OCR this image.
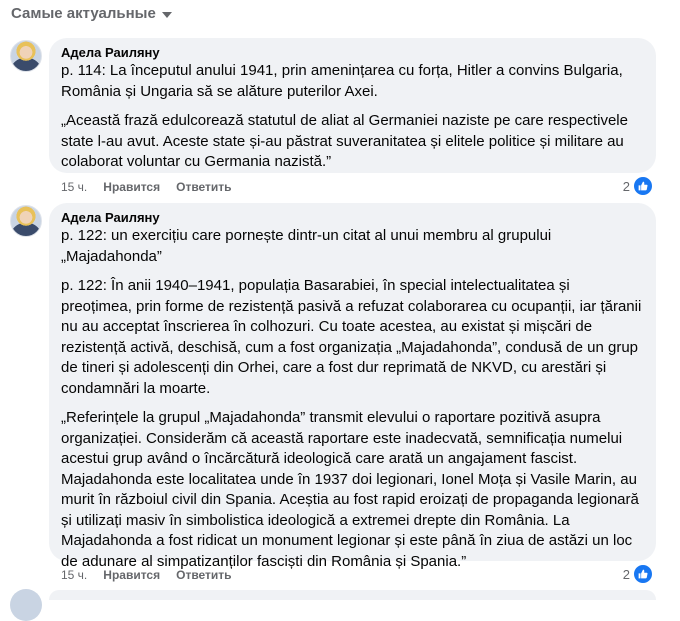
Самые актуальные
Адела Раиляну

p. 114: La începutul anului 1941, prin amenințarea cu forța, Hitler a convins Bulgaria, România și Ungaria să se alăture puterilor Axei.

„Această frază edulcorează statutul de aliat al Germaniei naziste pe care respectivele state l-au avut. Aceste state și-au păstrat suveranitatea și elitele politice și militare au colaborat voluntar cu Germania nazistă.”

15 ч. Нравится Ответить	2
Адела Раиляну

p. 122: un exercițiu care pornește dintr-un citat al unui membru al grupului „Majadahonda”

p. 122: În anii 1940–1941, populația Basarabiei, în special intelectualitatea și preoțimea, prin forme de rezistență pasivă a refuzat colaborarea cu ocupanții, iar țăranii nu au acceptat înscrierea în colhozuri. Cu toate acestea, au existat și mișcări de rezistență activă, deschisă, cum a fost organizația „Majadahonda”, condusă de un grup de tineri și adolescenți din Orhei, care a fost dur reprimată de NKVD, cu arestări și condamnări la moarte.

„Referințele la grupul „Majadahonda” transmit elevului o raportare pozitivă asupra organizației. Considerăm că această raportare este inadecvată, semnificația numelui acestui grup având o încărcătură ideologică care arată un angajament fascist. Majadahonda este localitatea unde în 1937 doi legionari, Ionel Moța și Vasile Marin, au murit în războiul civil din Spania. Aceștia au fost rapid eroizați de propaganda legionară și utilizați masiv în simbolistica ideologică a extremei drepte din România. La Majadahonda a fost ridicat un monument legionar și este până în ziua de astăzi un loc de adunare al simpatizanților fasciști din România și Spania.”

15 ч. Нравится Ответить	2
